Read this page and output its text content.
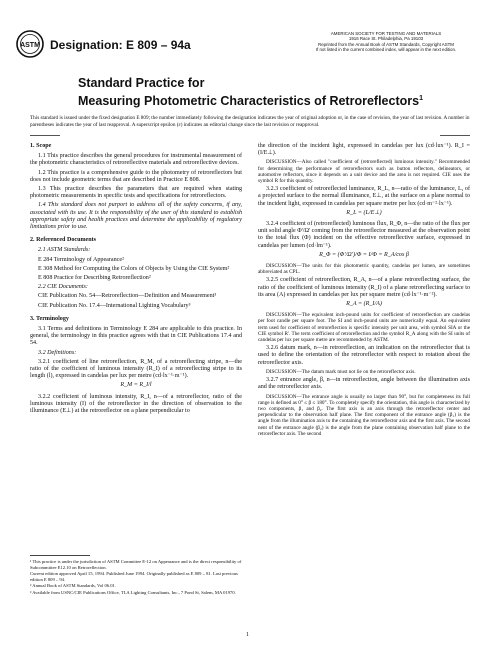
ASTM Designation: E 809 – 94a
AMERICAN SOCIETY FOR TESTING AND MATERIALS
1916 Race St. Philadelphia, Pa 19103
Reprinted from the Annual Book of ASTM Standards, Copyright ASTM
If not listed in the current combined index, will appear in the next edition.
Standard Practice for
Measuring Photometric Characteristics of Retroreflectors$^1$
This standard is issued under the fixed designation E 809; the number immediately following the designation indicates the year of original adoption or, in the case of revision, the year of last revision. A number in parentheses indicates the year of last reapproval. A superscript epsilon (ε) indicates an editorial change since the last revision or reapproval.

1. Scope

1.1 This practice describes the general procedures for instrumental measurement of the photometric characteristics of retroreflective materials and retroreflective devices.

1.2 This practice is a comprehensive guide to the photometry of retroreflectors but does not include geometric terms that are described in Practice E 808.

1.3 This practice describes the parameters that are required when stating photometric measurements in specific tests and specifications for retroreflectors.

1.4 This standard does not purport to address all of the safety concerns, if any, associated with its use. It is the responsibility of the user of this standard to establish appropriate safety and health practices and determine the applicability of regulatory limitations prior to use.

2. Referenced Documents

2.1 ASTM Standards:

E 284 Terminology of Appearance²

E 308 Method for Computing the Colors of Objects by Using the CIE System²

E 808 Practice for Describing Retroreflection²

2.2 CIE Documents:

CIE Publication No. 54—Retroreflection—Definition and Measurement³

CIE Publication No. 17.4—International Lighting Vocabulary³

3. Terminology

3.1 Terms and definitions in Terminology E 284 are applicable to this practice. In general, the terminology in this practice agrees with that in CIE Publications 17.4 and 54.

3.2 Definitions:

3.2.1 coefficient of line retroreflection, R_M, of a retroreflecting stripe, n—the ratio of the coefficient of luminous intensity (R_I) of a retroreflecting stripe to its length (l), expressed in candelas per lux per metre (cd·lx⁻¹·m⁻¹).

R_M = R_I/l

3.2.2 coefficient of luminous intensity, R_I, n—of a retroreflector, ratio of the luminous intensity (I) of the retroreflector in the direction of observation to the illuminance (E⊥) at the retroreflector on a plane perpendicular to

the direction of the incident light, expressed in candelas per lux (cd·lux⁻¹). R_I = (I/E⊥).

DISCUSSION—Also called "coefficient of (retroreflected) luminous intensity." Recommended for determining the performance of retroreflectors such as button reflectors, delineators, or automotive reflectors, since it depends on a unit device and the area is not required. CIE uses the symbol R for this quantity.

3.2.3 coefficient of retroreflected luminance, R_L, n—ratio of the luminance, L, of a projected surface to the normal illuminance, E⊥, at the surface on a plane normal to the incident light, expressed in candelas per square metre per lux (cd·m⁻²·lx⁻¹).

R_L = (L/E⊥)

3.2.4 coefficient of (retroreflected) luminous flux, R_Φ, n—the ratio of the flux per unit solid angle Φ'/Ω' coming from the retroreflector measured at the observation point to the total flux (Φ) incident on the effective retroreflective surface, expressed in candelas per lumen (cd·lm⁻¹).

R_Φ = (Φ'/Ω')/Φ = I/Φ = R_A/cos β

DISCUSSION—The units for this photometric quantity, candelas per lumen, are sometimes abbreviated as CPL.

3.2.5 coefficient of retroreflection, R_A, n—of a plane retroreflecting surface, the ratio of the coefficient of luminous intensity (R_I) of a plane retroreflecting surface to its area (A) expressed in candelas per lux per square metre (cd·lx⁻¹·m⁻²).

R_A = (R_I/A)

DISCUSSION—The equivalent inch-pound units for coefficient of retroreflection are candelas per foot candle per square foot. The SI and inch-pound units are numerically equal. An equivalent term used for coefficient of retroreflection is specific intensity per unit area, with symbol SIA or the CIE symbol R'. The term coefficient of retroreflection and the symbol R_A along with the SI units of candelas per lux per square metre are recommended by ASTM.

3.2.6 datum mark, n—in retroreflection, an indication on the retroreflector that is used to define the orientation of the retroreflector with respect to rotation about the retroreflector axis.

DISCUSSION—The datum mark must not lie on the retroreflector axis.

3.2.7 entrance angle, β, n—in retroreflection, angle between the illumination axis and the retroreflector axis.

DISCUSSION—The entrance angle is usually no larger than 90°, but for completeness its full range is defined as 0° ≤ β ≤ 180°. To completely specify the orientation, this angle is characterized by two components, β₁ and β₂. The first axis is an axis through the retroreflector center and perpendicular to the observation half plane. The first component of the entrance angle (β₁) is the angle from the illumination axis to the containing the retroreflector axis and the first axis. The second nent of the entrance angle (β₂) is the angle from the plane containing observation half plane to the retroreflector axis. The second

¹ This practice is under the jurisdiction of ASTM Committee E-12 on Appearance and is the direct responsibility of Subcommittee E12.10 on Retroreflection.

Current edition approved April 15, 1994. Published June 1994. Originally published as E 809 – 81. Last previous edition E 809 – 94.

² Annual Book of ASTM Standards, Vol 06.01.

³ Available from USNC/CIE Publications Office, TLA Lighting Consultants, Inc., 7 Pond St, Salem, MA 01970.

1
